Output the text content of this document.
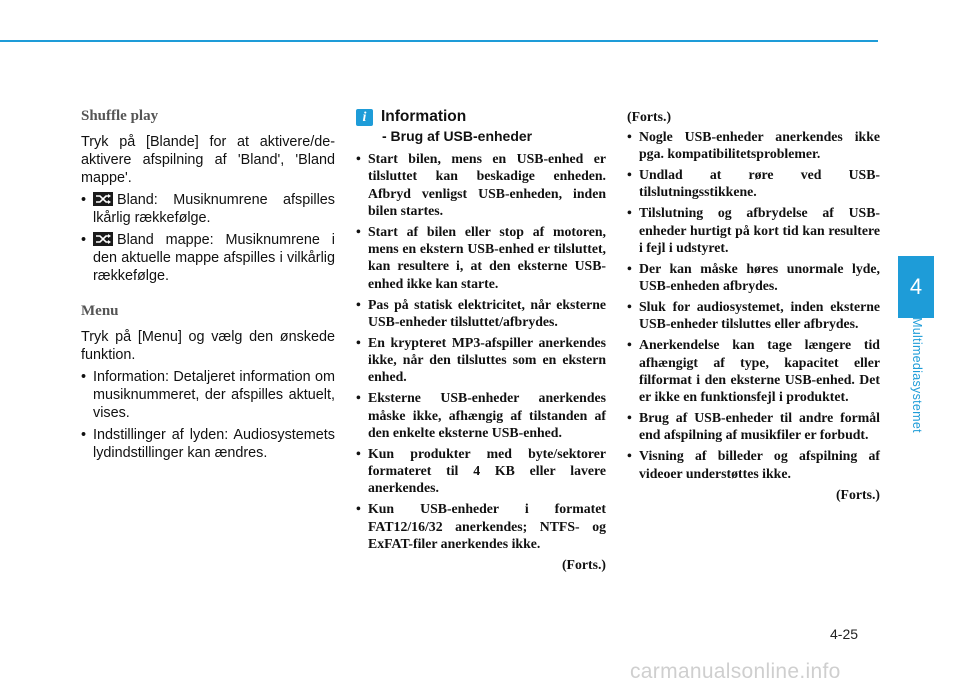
Shuffle play

Tryk på [Blande] for at aktivere/de-aktivere afspilning af 'Bland', 'Bland mappe'.

• Bland: Musiknumrene afspilles lkårlig rækkefølge.
• Bland mappe: Musiknumrene i den aktuelle mappe afspilles i vilkårlig rækkefølge.
Menu

Tryk på [Menu] og vælg den ønskede funktion.

• Information: Detaljeret information om musiknummeret, der afspilles aktuelt, vises.
• Indstillinger af lyden: Audiosystemets lydindstillinger kan ændres.
i Information
- Brug af USB-enheder
• Start bilen, mens en USB-enhed er tilsluttet kan beskadige enheden. Afbryd venligst USB-enheden, inden bilen startes.
• Start af bilen eller stop af motoren, mens en ekstern USB-enhed er tilsluttet, kan resultere i, at den eksterne USB-enhed ikke kan starte.
• Pas på statisk elektricitet, når eksterne USB-enheder tilsluttet/afbrydes.
• En krypteret MP3-afspiller anerkendes ikke, når den tilsluttes som en ekstern enhed.
• Eksterne USB-enheder anerkendes måske ikke, afhængig af tilstanden af den enkelte eksterne USB-enhed.
• Kun produkter med byte/sektorer formateret til 4 KB eller lavere anerkendes.
• Kun USB-enheder i formatet FAT12/16/32 anerkendes; NTFS- og ExFAT-filer anerkendes ikke.
(Forts.)
(Forts.)
• Nogle USB-enheder anerkendes ikke pga. kompatibilitetsproblemer.
• Undlad at røre ved USB-tilslutningsstikkene.
• Tilslutning og afbrydelse af USB-enheder hurtigt på kort tid kan resultere i fejl i udstyret.
• Der kan måske høres unormale lyde, USB-enheden afbrydes.
• Sluk for audiosystemet, inden eksterne USB-enheder tilsluttes eller afbrydes.
• Anerkendelse kan tage længere tid afhængigt af type, kapacitet eller filformat i den eksterne USB-enhed. Det er ikke en funktionsfejl i produktet.
• Brug af USB-enheder til andre formål end afspilning af musikfiler er forbudt.
• Visning af billeder og afspilning af videoer understøttes ikke.
(Forts.)
4
Multimediasystemet
4-25
carmanualsonline.info
